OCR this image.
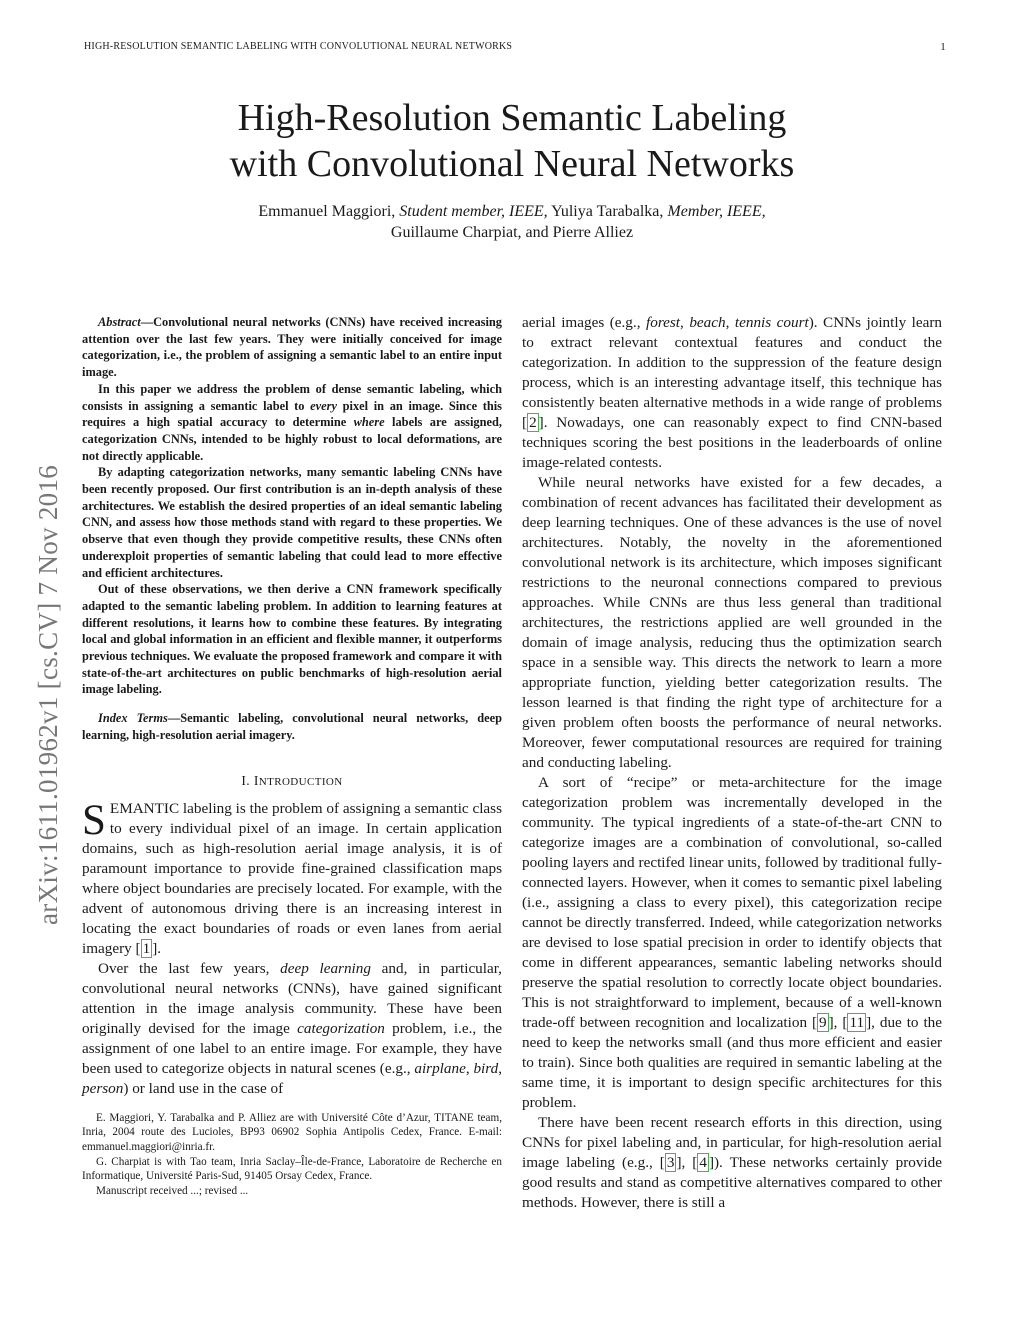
HIGH-RESOLUTION SEMANTIC LABELING WITH CONVOLUTIONAL NEURAL NETWORKS	1
arXiv:1611.01962v1 [cs.CV] 7 Nov 2016
High-Resolution Semantic Labeling
with Convolutional Neural Networks
Emmanuel Maggiori, Student member, IEEE, Yuliya Tarabalka, Member, IEEE,
Guillaume Charpiat, and Pierre Alliez

Abstract—Convolutional neural networks (CNNs) have received increasing attention over the last few years. They were initially conceived for image categorization, i.e., the problem of assigning a semantic label to an entire input image.

In this paper we address the problem of dense semantic labeling, which consists in assigning a semantic label to every pixel in an image. Since this requires a high spatial accuracy to determine where labels are assigned, categorization CNNs, intended to be highly robust to local deformations, are not directly applicable.

By adapting categorization networks, many semantic labeling CNNs have been recently proposed. Our first contribution is an in-depth analysis of these architectures. We establish the desired properties of an ideal semantic labeling CNN, and assess how those methods stand with regard to these properties. We observe that even though they provide competitive results, these CNNs often underexploit properties of semantic labeling that could lead to more effective and efficient architectures.

Out of these observations, we then derive a CNN framework specifically adapted to the semantic labeling problem. In addition to learning features at different resolutions, it learns how to combine these features. By integrating local and global information in an efficient and flexible manner, it outperforms previous techniques. We evaluate the proposed framework and compare it with state-of-the-art architectures on public benchmarks of high-resolution aerial image labeling.

Index Terms—Semantic labeling, convolutional neural networks, deep learning, high-resolution aerial imagery.

I. INTRODUCTION

SEMANTIC labeling is the problem of assigning a semantic class to every individual pixel of an image. In certain application domains, such as high-resolution aerial image analysis, it is of paramount importance to provide fine-grained classification maps where object boundaries are precisely located. For example, with the advent of autonomous driving there is an increasing interest in locating the exact boundaries of roads or even lanes from aerial imagery [ 1 ].

Over the last few years, deep learning and, in particular, convolutional neural networks (CNNs), have gained significant attention in the image analysis community. These have been originally devised for the image categorization problem, i.e., the assignment of one label to an entire image. For example, they have been used to categorize objects in natural scenes (e.g., airplane, bird, person) or land use in the case of

E. Maggiori, Y. Tarabalka and P. Alliez are with Université Côte d’Azur, TITANE team, Inria, 2004 route des Lucioles, BP93 06902 Sophia Antipolis Cedex, France. E-mail: emmanuel.maggiori@inria.fr.

G. Charpiat is with Tao team, Inria Saclay–Île-de-France, Laboratoire de Recherche en Informatique, Université Paris-Sud, 91405 Orsay Cedex, France.

Manuscript received ...; revised ...

aerial images (e.g., forest, beach, tennis court). CNNs jointly learn to extract relevant contextual features and conduct the categorization. In addition to the suppression of the feature design process, which is an interesting advantage itself, this technique has consistently beaten alternative methods in a wide range of problems [ 2 ]. Nowadays, one can reasonably expect to find CNN-based techniques scoring the best positions in the leaderboards of online image-related contests.

While neural networks have existed for a few decades, a combination of recent advances has facilitated their development as deep learning techniques. One of these advances is the use of novel architectures. Notably, the novelty in the aforementioned convolutional network is its architecture, which imposes significant restrictions to the neuronal connections compared to previous approaches. While CNNs are thus less general than traditional architectures, the restrictions applied are well grounded in the domain of image analysis, reducing thus the optimization search space in a sensible way. This directs the network to learn a more appropriate function, yielding better categorization results. The lesson learned is that finding the right type of architecture for a given problem often boosts the performance of neural networks. Moreover, fewer computational resources are required for training and conducting labeling.

A sort of “recipe” or meta-architecture for the image categorization problem was incrementally developed in the community. The typical ingredients of a state-of-the-art CNN to categorize images are a combination of convolutional, so-called pooling layers and rectifed linear units, followed by traditional fully-connected layers. However, when it comes to semantic pixel labeling (i.e., assigning a class to every pixel), this categorization recipe cannot be directly transferred. Indeed, while categorization networks are devised to lose spatial precision in order to identify objects that come in different appearances, semantic labeling networks should preserve the spatial resolution to correctly locate object boundaries. This is not straightforward to implement, because of a well-known trade-off between recognition and localization [ 9 ], [ 11 ], due to the need to keep the networks small (and thus more efficient and easier to train). Since both qualities are required in semantic labeling at the same time, it is important to design specific architectures for this problem.

There have been recent research efforts in this direction, using CNNs for pixel labeling and, in particular, for high-resolution aerial image labeling (e.g., [ 3 ], [ 4 ]). These networks certainly provide good results and stand as competitive alternatives compared to other methods. However, there is still a
